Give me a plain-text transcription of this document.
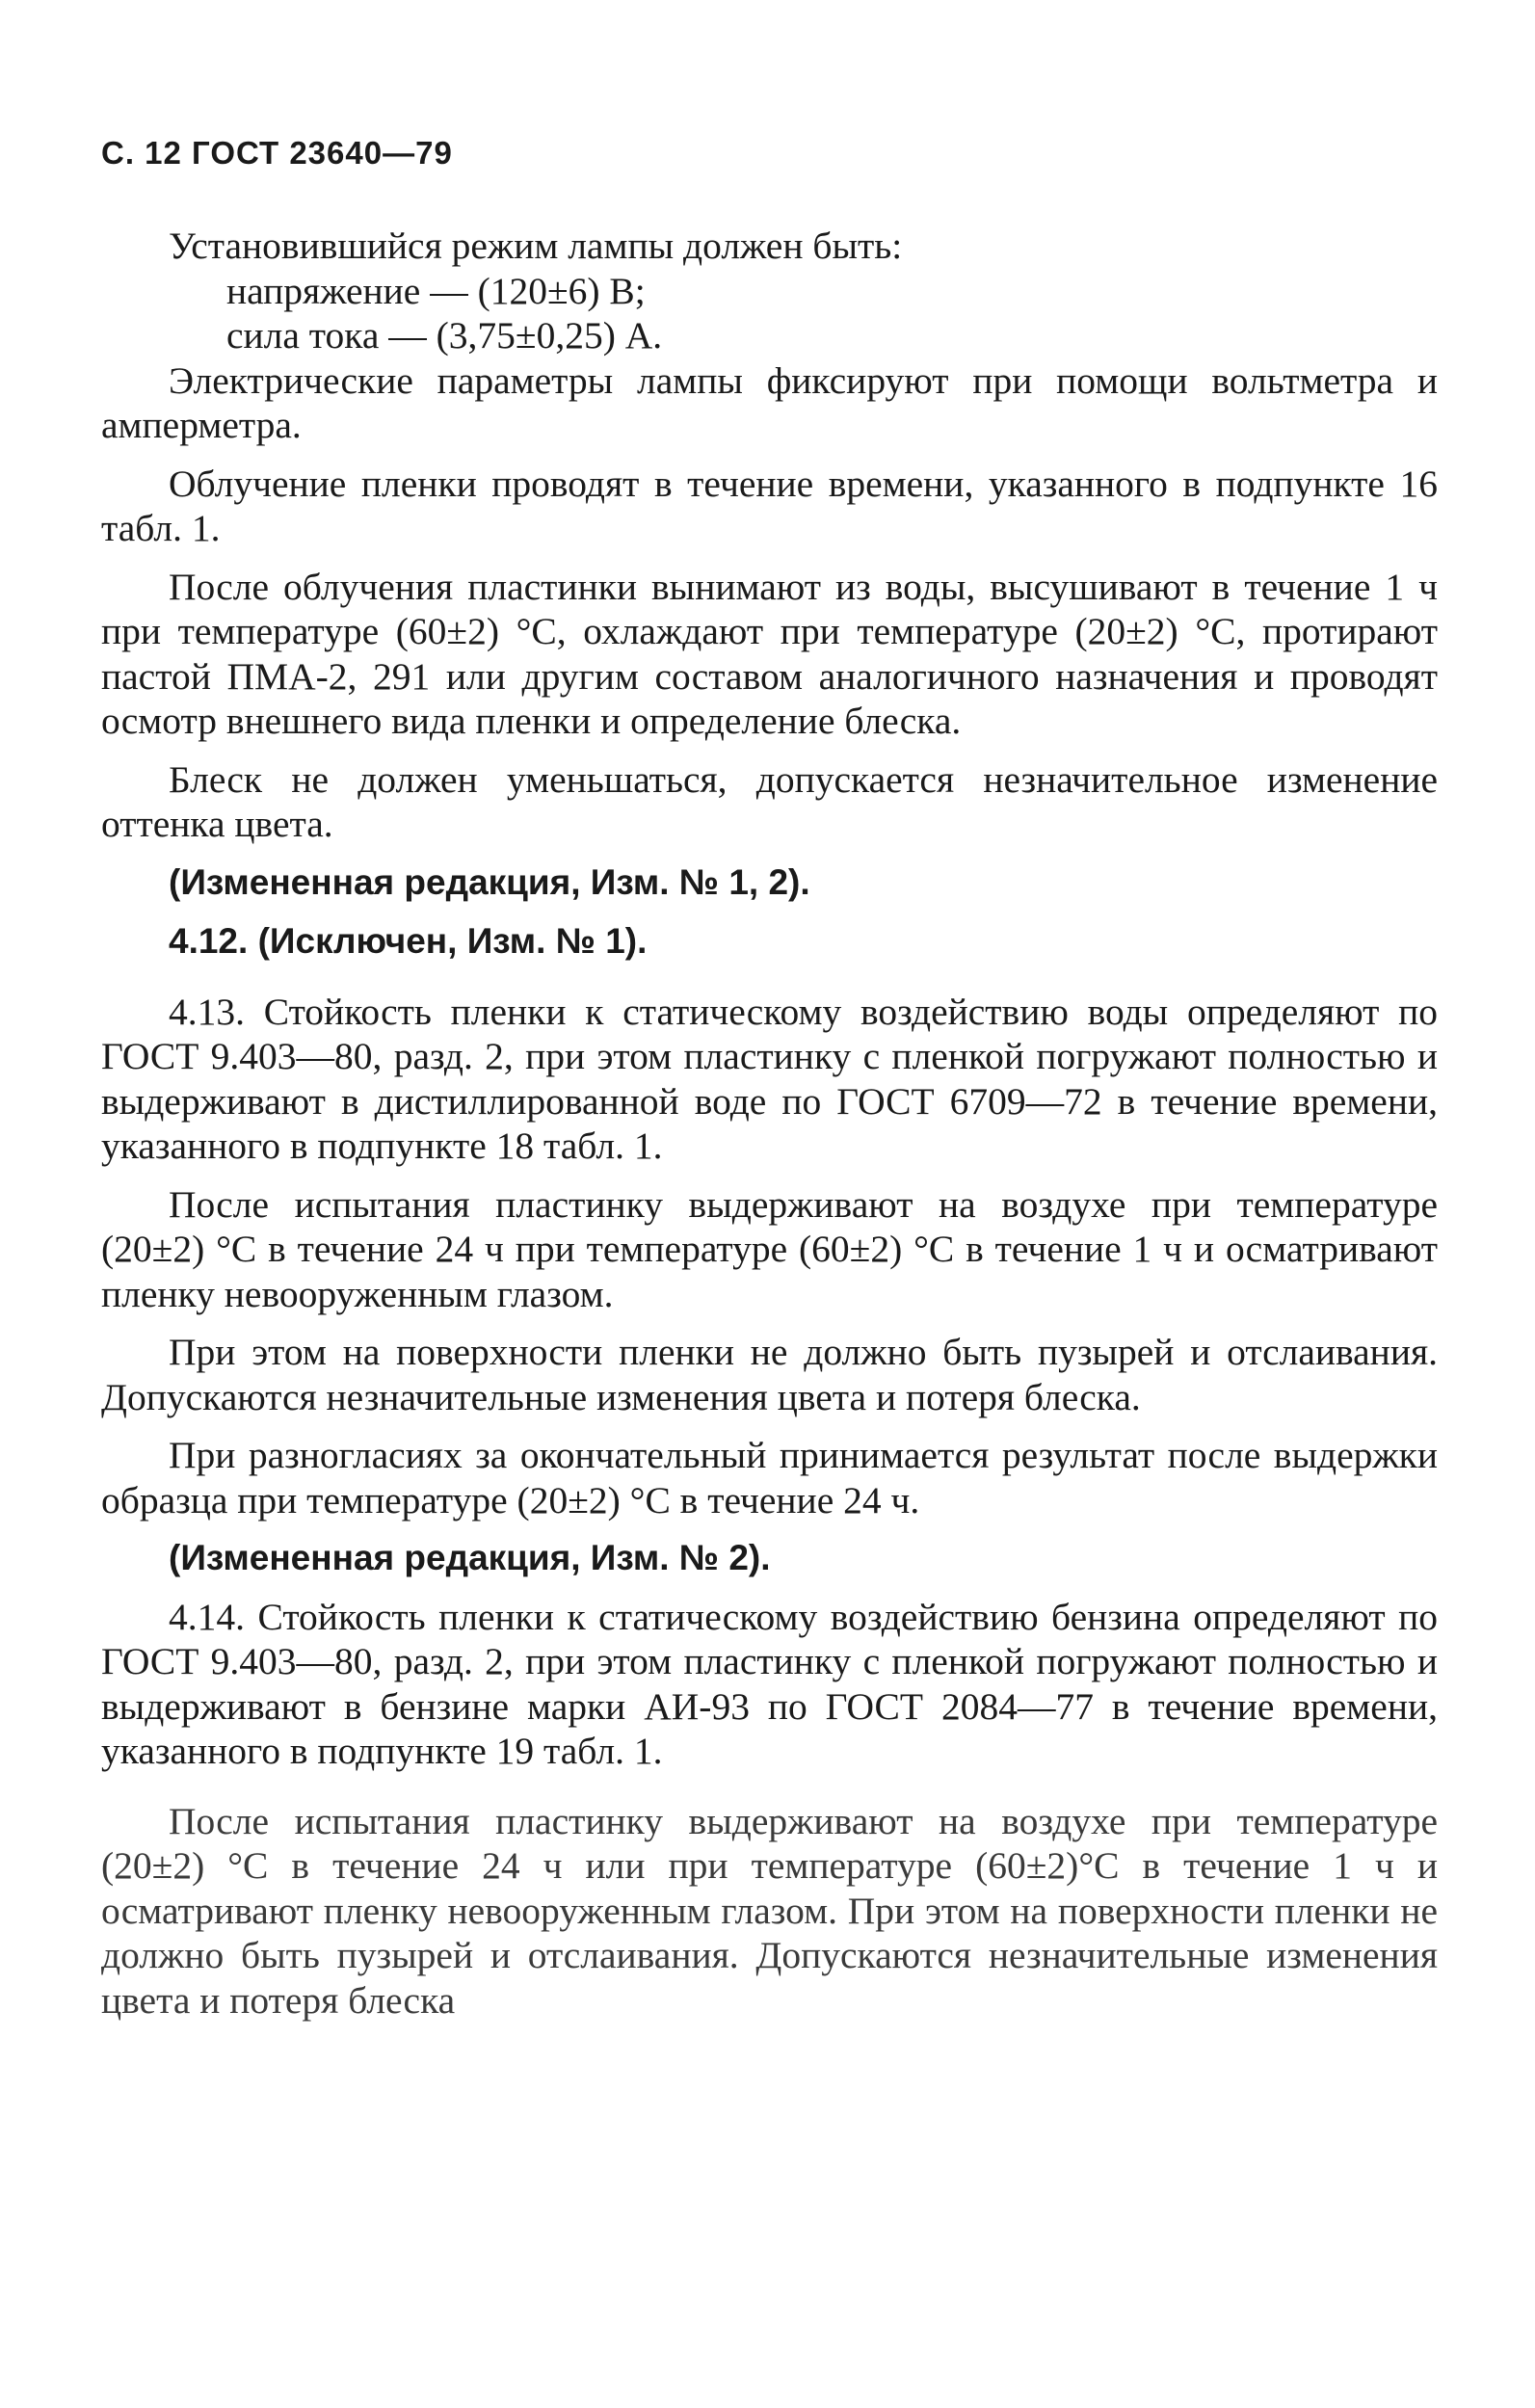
С. 12 ГОСТ 23640—79

Установившийся режим лампы должен быть:

напряжение — (120±6) В;

сила тока — (3,75±0,25) А.

Электрические параметры лампы фиксируют при помощи вольтметра и амперметра.

Облучение пленки проводят в течение времени, указанного в подпункте 16 табл. 1.

После облучения пластинки вынимают из воды, высушивают в течение 1 ч при температуре (60±2) °С, охлаждают при температуре (20±2) °С, протирают пастой ПМА-2, 291 или другим составом аналогичного назначения и проводят осмотр внешнего вида пленки и определение блеска.

Блеск не должен уменьшаться, допускается незначительное изменение оттенка цвета.

(Измененная редакция, Изм. № 1, 2).

4.12. (Исключен, Изм. № 1).

4.13. Стойкость пленки к статическому воздействию воды определяют по ГОСТ 9.403—80, разд. 2, при этом пластинку с пленкой погружают полностью и выдерживают в дистиллированной воде по ГОСТ 6709—72 в течение времени, указанного в подпункте 18 табл. 1.

После испытания пластинку выдерживают на воздухе при температуре (20±2) °С в течение 24 ч при температуре (60±2) °С в течение 1 ч и осматривают пленку невооруженным глазом.

При этом на поверхности пленки не должно быть пузырей и отслаивания. Допускаются незначительные изменения цвета и потеря блеска.

При разногласиях за окончательный принимается результат после выдержки образца при температуре (20±2) °С в течение 24 ч.

(Измененная редакция, Изм. № 2).

4.14. Стойкость пленки к статическому воздействию бензина определяют по ГОСТ 9.403—80, разд. 2, при этом пластинку с пленкой погружают полностью и выдерживают в бензине марки АИ-93 по ГОСТ 2084—77 в течение времени, указанного в подпункте 19 табл. 1.

После испытания пластинку выдерживают на воздухе при температуре (20±2) °С в течение 24 ч или при температуре (60±2)°С в течение 1 ч и осматривают пленку невооруженным глазом. При этом на поверхности пленки не должно быть пузырей и отслаивания. Допускаются незначительные изменения цвета и потеря блеска
